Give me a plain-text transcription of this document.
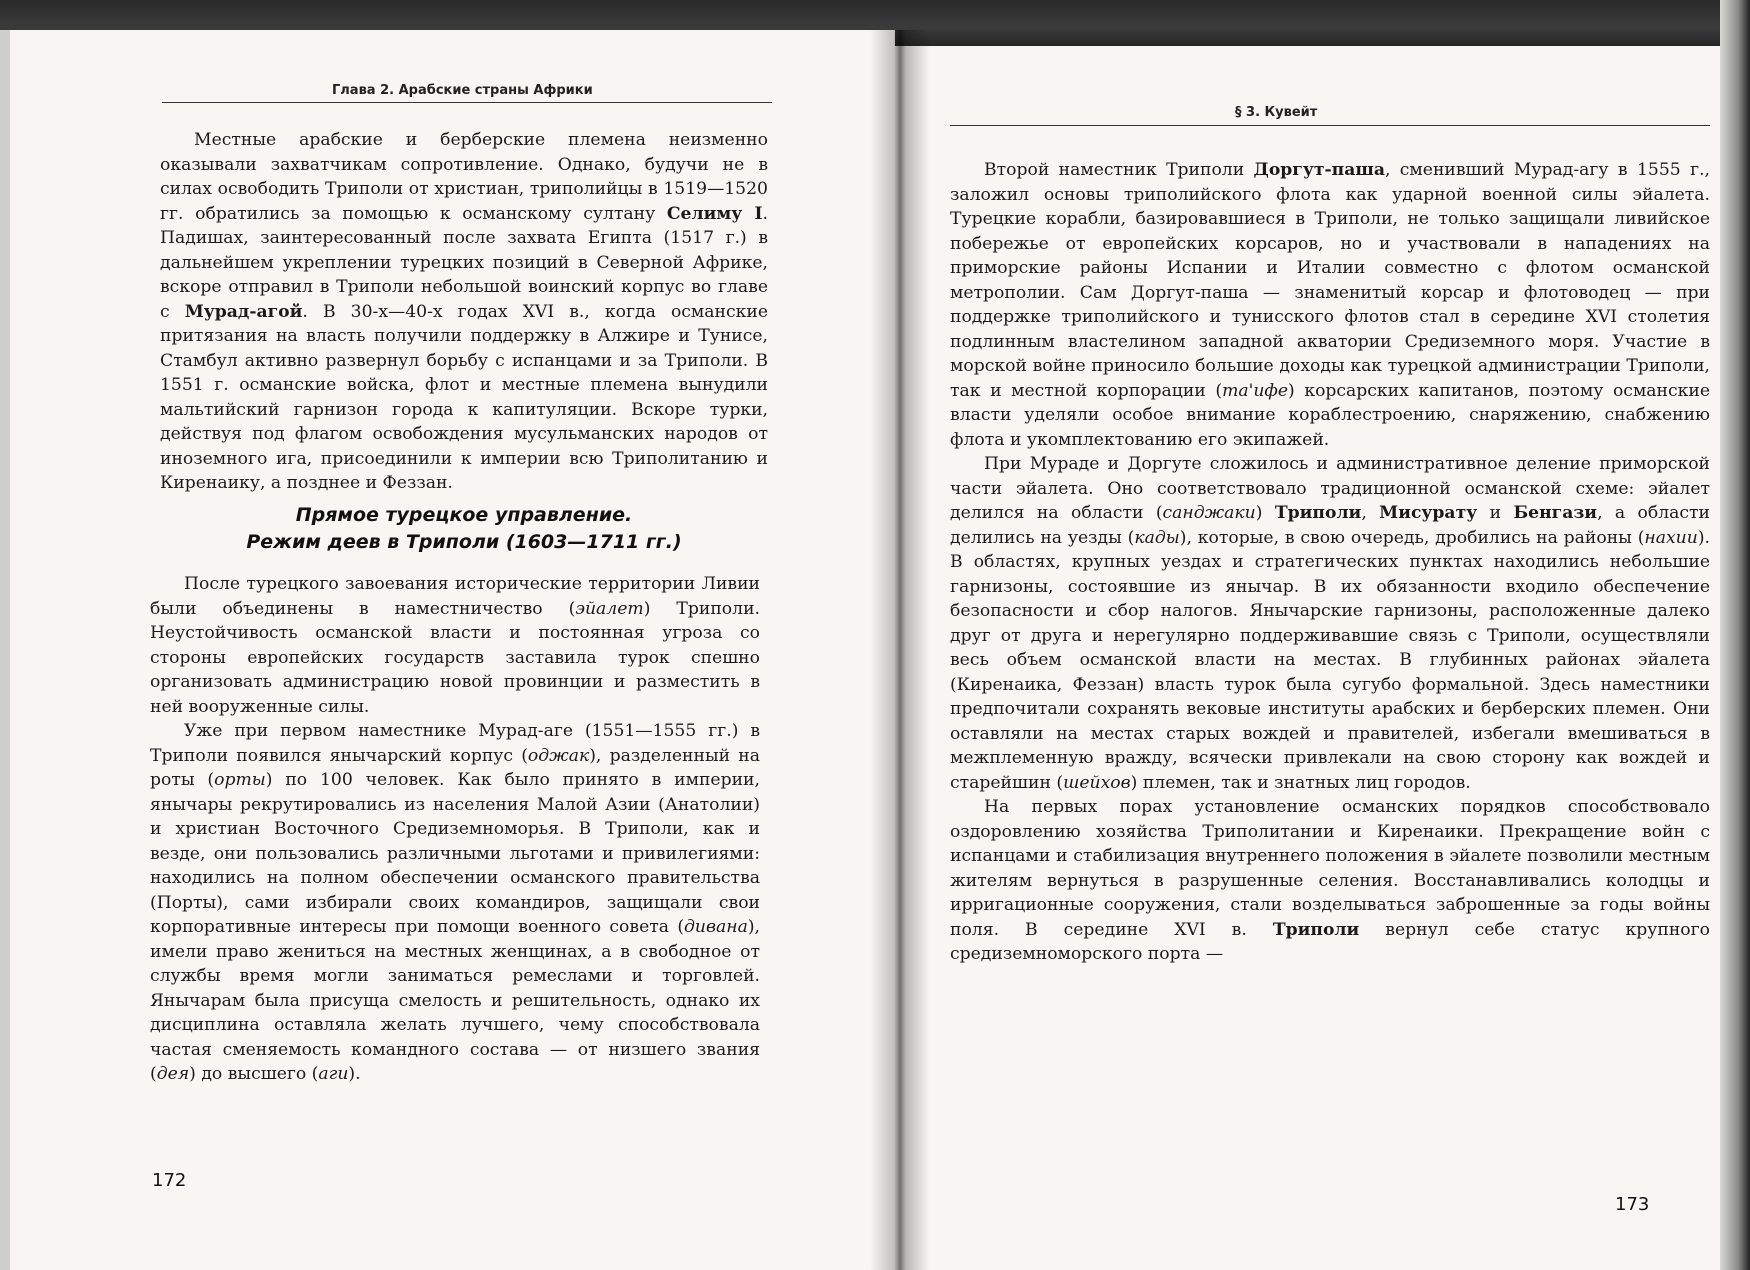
Глава 2. Арабские страны Африки

Местные арабские и берберские племена неизменно оказывали захватчикам сопротивление. Однако, будучи не в силах освободить Триполи от христиан, триполийцы в 1519—1520 гг. обратились за помощью к османскому султану Селиму I. Падишах, заинтересованный после захвата Египта (1517 г.) в дальнейшем укреплении турецких позиций в Северной Африке, вскоре отправил в Триполи небольшой воинский корпус во главе с Мурад-агой. В 30-х—40-х годах XVI в., когда османские притязания на власть получили поддержку в Алжире и Тунисе, Стамбул активно развернул борьбу с испанцами и за Триполи. В 1551 г. османские войска, флот и местные племена вынудили мальтийский гарнизон города к капитуляции. Вскоре турки, действуя под флагом освобождения мусульманских народов от иноземного ига, присоединили к империи всю Триполитанию и Киренаику, а позднее и Феззан.

Прямое турецкое управление.
Режим деев в Триполи (1603—1711 гг.)

После турецкого завоевания исторические территории Ливии были объединены в наместничество (эйалет) Триполи. Неустойчивость османской власти и постоянная угроза со стороны европейских государств заставила турок спешно организовать администрацию новой провинции и разместить в ней вооруженные силы.

Уже при первом наместнике Мурад-аге (1551—1555 гг.) в Триполи появился янычарский корпус (оджак), разделенный на роты (орты) по 100 человек. Как было принято в империи, янычары рекрутировались из населения Малой Азии (Анатолии) и христиан Восточного Средиземноморья. В Триполи, как и везде, они пользовались различными льготами и привилегиями: находились на полном обеспечении османского правительства (Порты), сами избирали своих командиров, защищали свои корпоративные интересы при помощи военного совета (дивана), имели право жениться на местных женщинах, а в свободное от службы время могли заниматься ремеслами и торговлей. Янычарам была присуща смелость и решительность, однако их дисциплина оставляла желать лучшего, чему способствовала частая сменяемость командного состава — от низшего звания (дея) до высшего (аги).

172
§ 3. Кувейт

Второй наместник Триполи Доргут-паша, сменивший Мурад-агу в 1555 г., заложил основы триполийского флота как ударной военной силы эйалета. Турецкие корабли, базировавшиеся в Триполи, не только защищали ливийское побережье от европейских корсаров, но и участвовали в нападениях на приморские районы Испании и Италии совместно с флотом османской метрополии. Сам Доргут-паша — знаменитый корсар и флотоводец — при поддержке триполийского и тунисского флотов стал в середине XVI столетия подлинным властелином западной акватории Средиземного моря. Участие в морской войне приносило большие доходы как турецкой администрации Триполи, так и местной корпорации (та'ифе) корсарских капитанов, поэтому османские власти уделяли особое внимание кораблестроению, снаряжению, снабжению флота и укомплектованию его экипажей.

При Мураде и Доргуте сложилось и административное деление приморской части эйалета. Оно соответствовало традиционной османской схеме: эйалет делился на области (санджаки) Триполи, Мисурату и Бенгази, а области делились на уезды (кады), которые, в свою очередь, дробились на районы (нахии). В областях, крупных уездах и стратегических пунктах находились небольшие гарнизоны, состоявшие из янычар. В их обязанности входило обеспечение безопасности и сбор налогов. Янычарские гарнизоны, расположенные далеко друг от друга и нерегулярно поддерживавшие связь с Триполи, осуществляли весь объем османской власти на местах. В глубинных районах эйалета (Киренаика, Феззан) власть турок была сугубо формальной. Здесь наместники предпочитали сохранять вековые институты арабских и берберских племен. Они оставляли на местах старых вождей и правителей, избегали вмешиваться в межплеменную вражду, всячески привлекали на свою сторону как вождей и старейшин (шейхов) племен, так и знатных лиц городов.

На первых порах установление османских порядков способствовало оздоровлению хозяйства Триполитании и Киренаики. Прекращение войн с испанцами и стабилизация внутреннего положения в эйалете позволили местным жителям вернуться в разрушенные селения. Восстанавливались колодцы и ирригационные сооружения, стали возделываться заброшенные за годы войны поля. В середине XVI в. Триполи вернул себе статус крупного средиземноморского порта —

173
